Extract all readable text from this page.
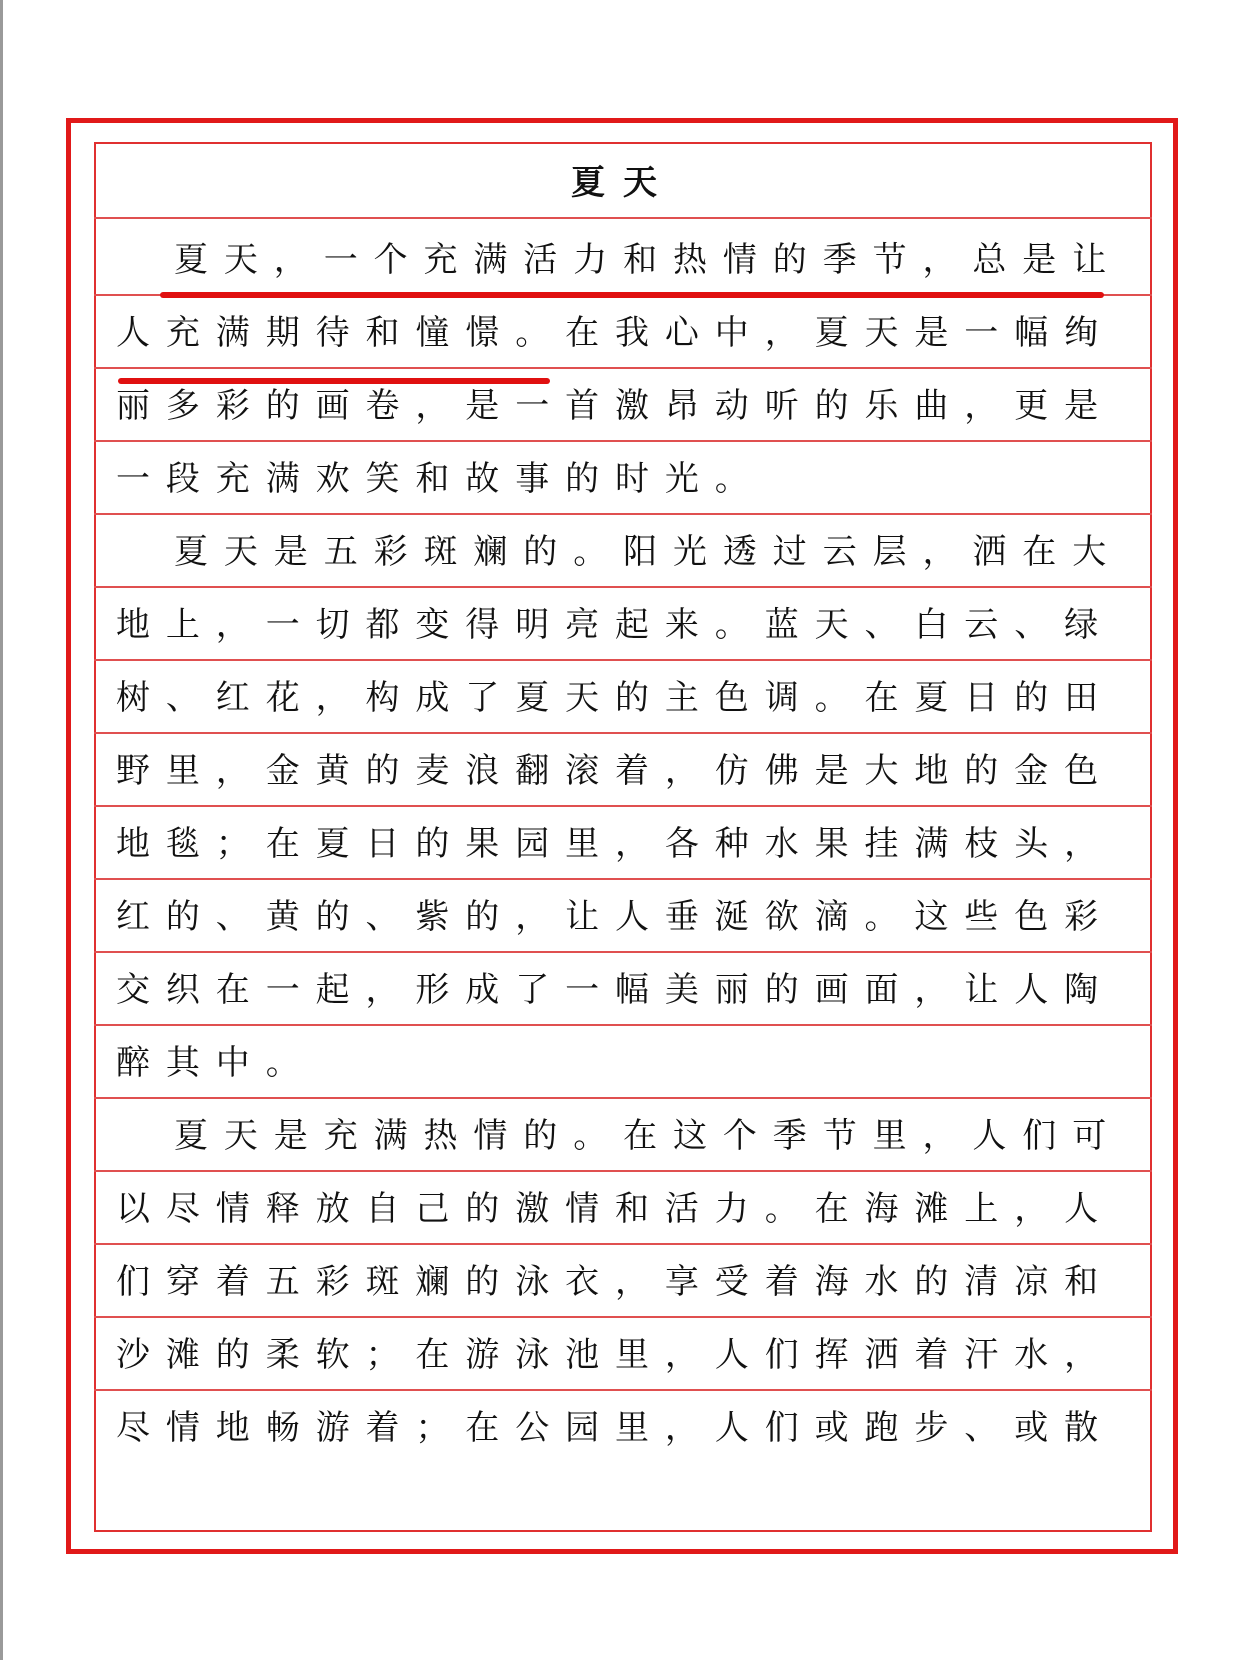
夏天
夏天，一个充满活力和热情的季节，总是让
人充满期待和憧憬。在我心中，夏天是一幅绚
丽多彩的画卷，是一首激昂动听的乐曲，更是
一段充满欢笑和故事的时光。
夏天是五彩斑斓的。阳光透过云层，洒在大
地上，一切都变得明亮起来。蓝天、白云、绿
树、红花，构成了夏天的主色调。在夏日的田
野里，金黄的麦浪翻滚着，仿佛是大地的金色
地毯；在夏日的果园里，各种水果挂满枝头，
红的、黄的、紫的，让人垂涎欲滴。这些色彩
交织在一起，形成了一幅美丽的画面，让人陶
醉其中。
夏天是充满热情的。在这个季节里，人们可
以尽情释放自己的激情和活力。在海滩上，人
们穿着五彩斑斓的泳衣，享受着海水的清凉和
沙滩的柔软；在游泳池里，人们挥洒着汗水，
尽情地畅游着；在公园里，人们或跑步、或散
